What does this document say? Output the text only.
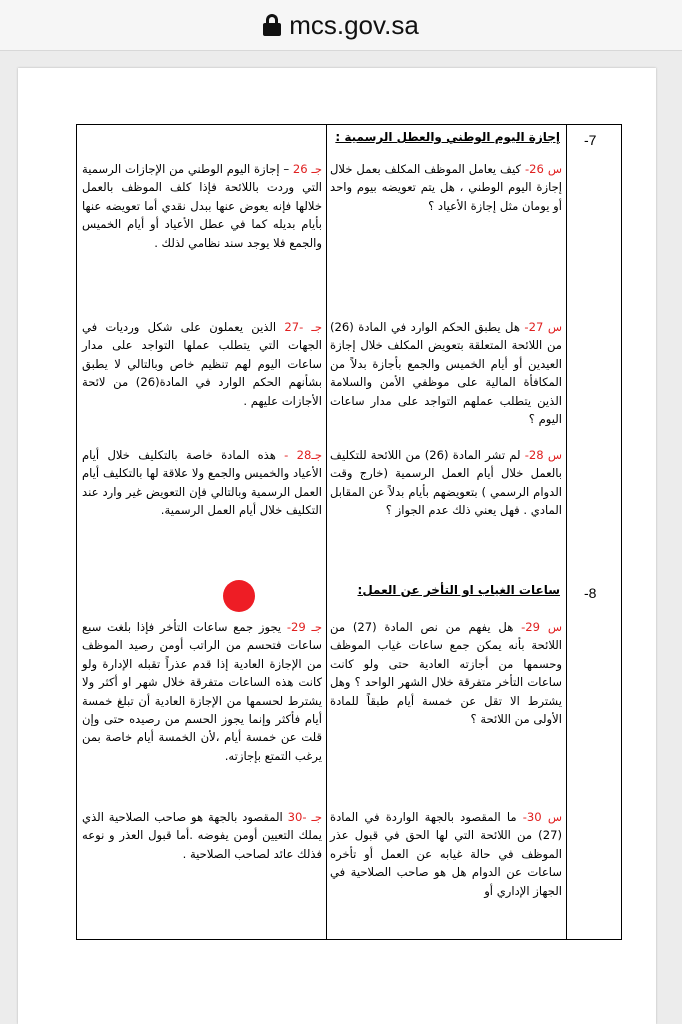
mcs.gov.sa
-7
إجازة اليوم الوطني والعطل الرسمية :
-8
ساعات الغياب او التأخر عن العمل:
س 26- كيف يعامل الموظف المكلف بعمل خلال إجازة اليوم الوطني ، هل يتم تعويضه بيوم واحد أو يومان مثل إجازة الأعياد ؟
جـ 26 – إجازة اليوم الوطني من الإجازات الرسمية التي وردت باللائحة فإذا كلف الموظف بالعمل خلالها فإنه يعوض عنها ببدل نقدي أما تعويضه عنها بأيام بديله كما في عطل الأعياد أو أيام الخميس والجمع فلا يوجد سند نظامي لذلك .
س 27- هل يطبق الحكم الوارد في المادة (26) من اللائحة المتعلقة بتعويض المكلف خلال إجازة العيدين أو أيام الخميس والجمع بأجازة بدلاً من المكافأة المالية على موظفي الأمن والسلامة الذين يتطلب عملهم التواجد على مدار ساعات اليوم ؟
جـ -27 الذين يعملون على شكل ورديات في الجهات التي يتطلب عملها التواجد على مدار ساعات اليوم لهم تنظيم خاص وبالتالي لا يطبق بشأنهم الحكم الوارد في المادة(26) من لائحة الأجازات عليهم .
س 28- لم تشر المادة (26) من اللائحة للتكليف بالعمل خلال أيام العمل الرسمية (خارج وقت الدوام الرسمي ) بتعويضهم بأيام بدلاً عن المقابل المادي . فهل يعني ذلك عدم الجواز ؟
جـ28 - هذه المادة خاصة بالتكليف خلال أيام الأعياد والخميس والجمع ولا علاقة لها بالتكليف أيام العمل الرسمية وبالتالي فإن التعويض غير وارد عند التكليف خلال أيام العمل الرسمية.
س 29- هل يفهم من نص المادة (27) من اللائحة بأنه يمكن جمع ساعات غياب الموظف وحسمها من أجازته العادية حتى ولو كانت ساعات التأخر متفرقة خلال الشهر الواحد ؟ وهل يشترط الا تقل عن خمسة أيام طبقاً للمادة الأولى من اللائحة ؟
جـ 29- يجوز جمع ساعات التأخر فإذا بلغت سبع ساعات فتحسم من الراتب أومن رصيد الموظف من الإجازة العادية إذا قدم عذراً تقبله الإدارة ولو كانت هذه الساعات متفرقة خلال شهر او أكثر ولا يشترط لحسمها من الإجازة العادية أن تبلغ خمسة أيام فأكثر وإنما يجوز الحسم من رصيده حتى وإن قلت عن خمسة أيام ،لأن الخمسة أيام خاصة بمن يرغب التمتع بإجازته.
س 30- ما المقصود بالجهة الواردة في المادة (27) من اللائحة التي لها الحق في قبول عذر الموظف في حالة غيابه عن العمل أو تأخره ساعات عن الدوام هل هو صاحب الصلاحية في الجهاز الإداري أو
جـ -30 المقصود بالجهة هو صاحب الصلاحية الذي يملك التعيين أومن يفوضه .أما قبول العذر و نوعه فذلك عائد لصاحب الصلاحية .
